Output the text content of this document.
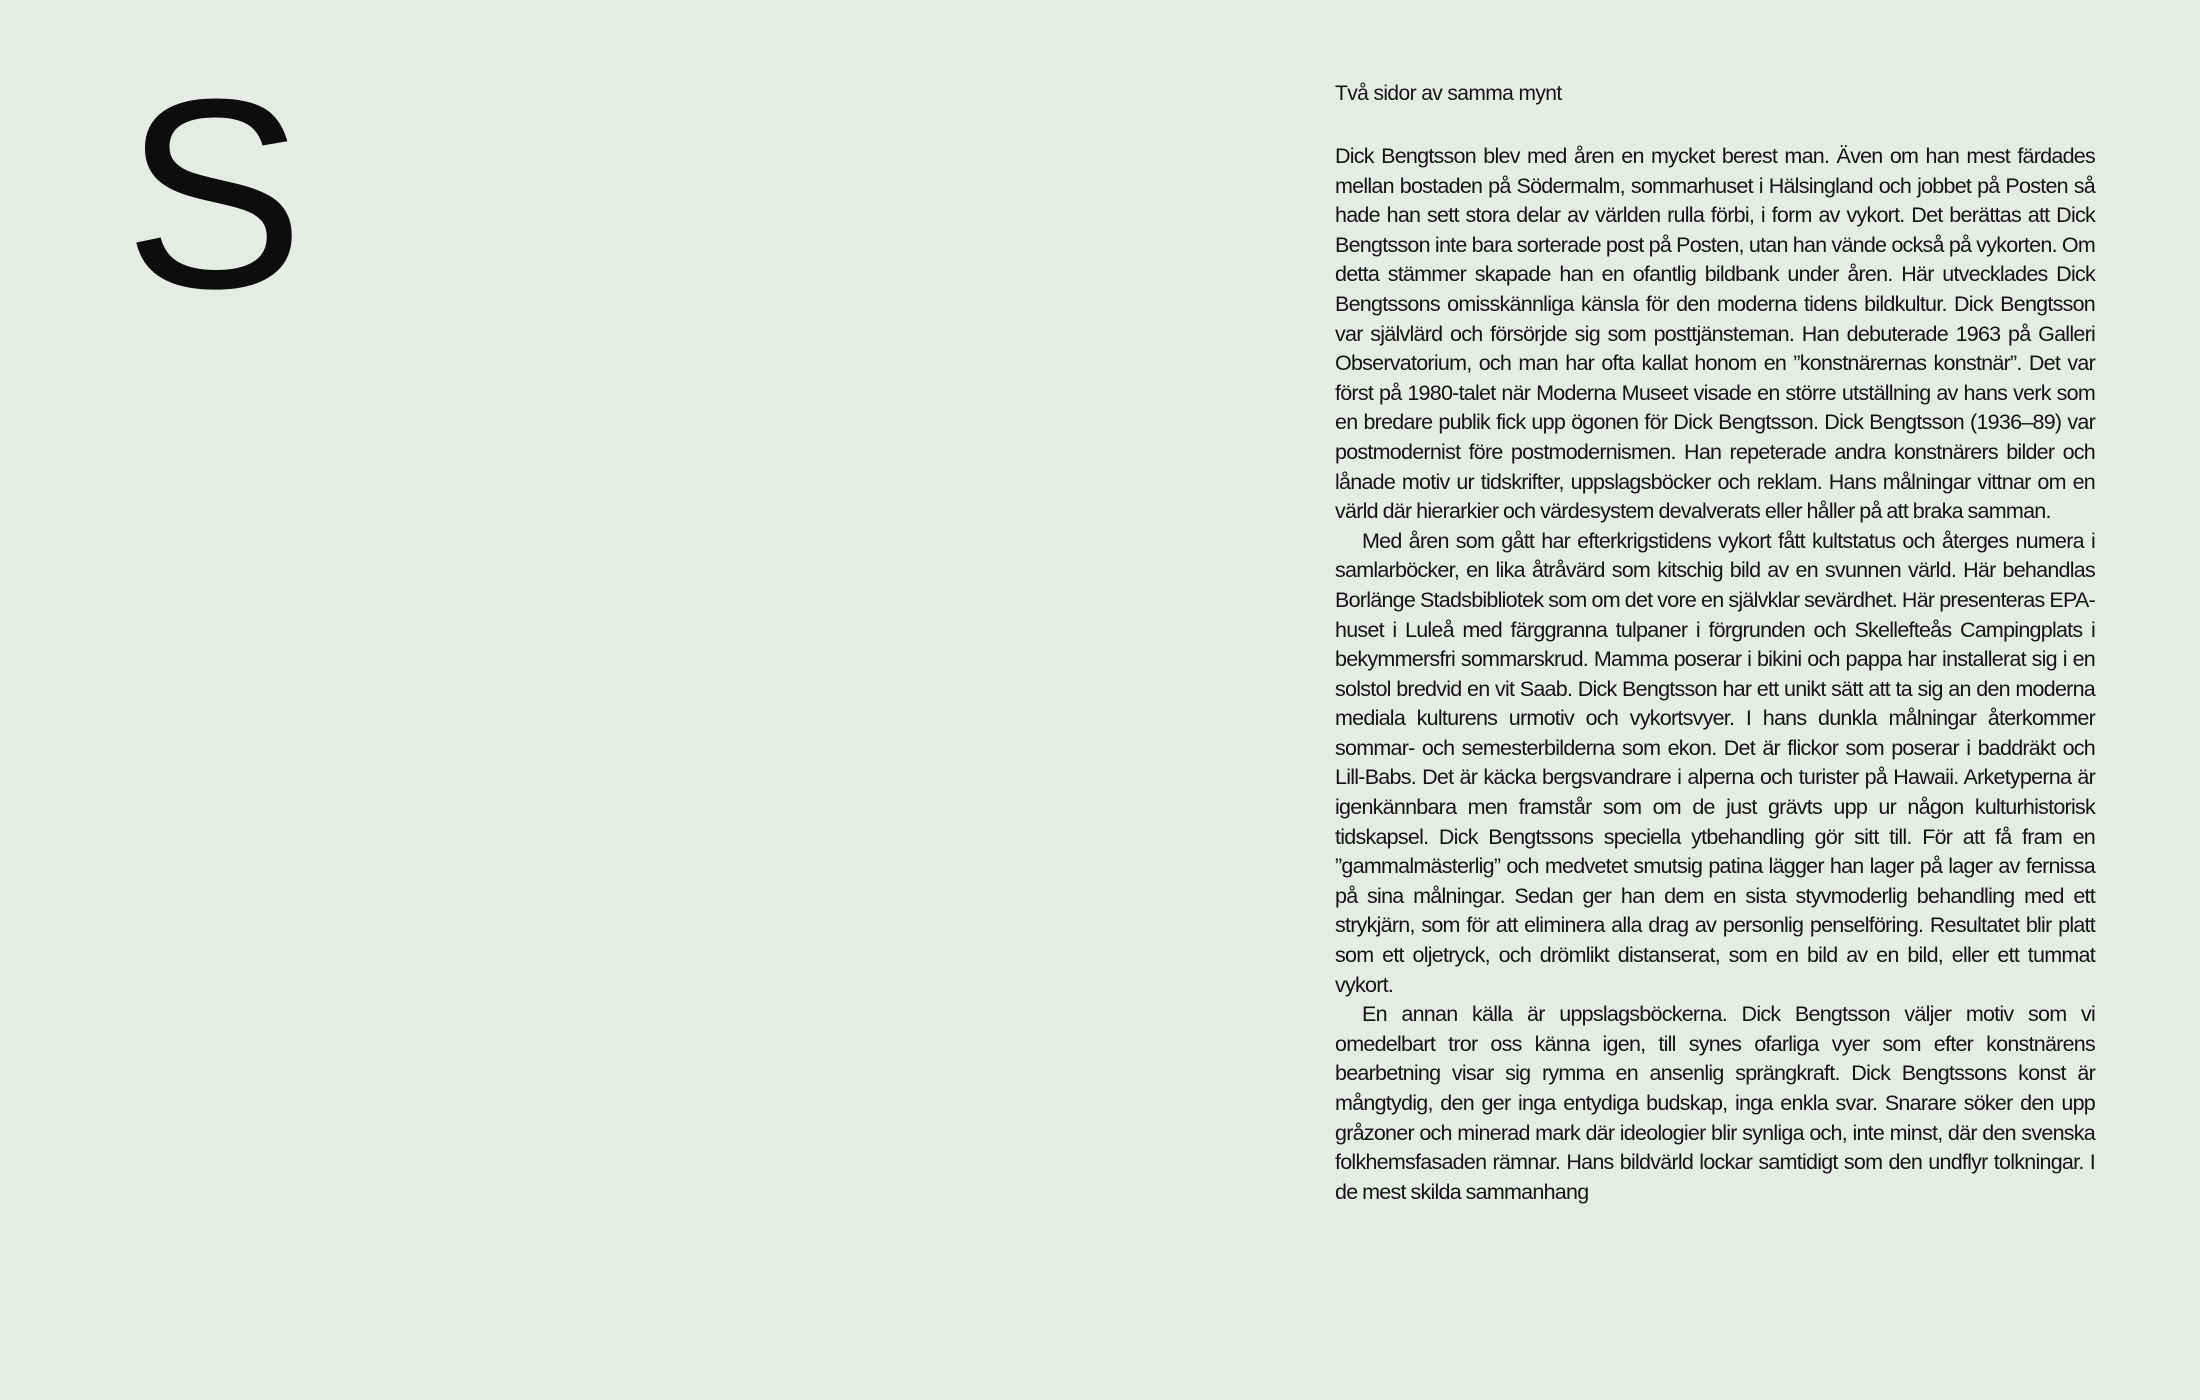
S	Två sidor av samma mynt

Dick Bengtsson blev med åren en mycket berest man. Även om han mest färdades mellan bostaden på Södermalm, sommarhuset i Hälsingland och jobbet på Posten så hade han sett stora delar av världen rulla förbi, i form av vykort. Det berättas att Dick Bengtsson inte bara sorterade post på Posten, utan han vände också på vykorten. Om detta stämmer skapade han en ofantlig bildbank under åren. Här utvecklades Dick Bengtssons omisskännliga känsla för den moderna tidens bildkultur. Dick Bengtsson var självlärd och försörjde sig som posttjänsteman. Han debuterade 1963 på Galleri Observatorium, och man har ofta kallat honom en ”konstnärernas konstnär”. Det var först på 1980-talet när Moderna Museet visade en större utställning av hans verk som en bredare publik fick upp ögonen för Dick Bengtsson. Dick Bengtsson (1936–89) var postmodernist före postmodernismen. Han repeterade andra konstnärers bilder och lånade motiv ur tidskrifter, uppslagsböcker och reklam. Hans målningar vittnar om en värld där hierarkier och värdesystem devalverats eller håller på att braka samman.

Med åren som gått har efterkrigstidens vykort fått kultstatus och återges numera i samlarböcker, en lika åtråvärd som kitschig bild av en svunnen värld. Här behandlas Borlänge Stadsbibliotek som om det vore en självklar sevärdhet. Här presenteras EPA-huset i Luleå med färggranna tulpaner i förgrunden och Skellefteås Campingplats i bekymmersfri sommarskrud. Mamma poserar i bikini och pappa har installerat sig i en solstol bredvid en vit Saab. Dick Bengtsson har ett unikt sätt att ta sig an den moderna mediala kulturens urmotiv och vykortsvyer. I hans dunkla målningar återkommer sommar- och semesterbilderna som ekon. Det är flickor som poserar i baddräkt och Lill-Babs. Det är käcka bergsvandrare i alperna och turister på Hawaii. Arketyperna är igenkännbara men framstår som om de just grävts upp ur någon kulturhistorisk tidskapsel. Dick Bengtssons speciella ytbehandling gör sitt till. För att få fram en ”gammalmästerlig” och medvetet smutsig patina lägger han lager på lager av fernissa på sina målningar. Sedan ger han dem en sista styvmoderlig behandling med ett strykjärn, som för att eliminera alla drag av personlig penselföring. Resultatet blir platt som ett oljetryck, och drömlikt distanserat, som en bild av en bild, eller ett tummat vykort.

En annan källa är uppslagsböckerna. Dick Bengtsson väljer motiv som vi omedelbart tror oss känna igen, till synes ofarliga vyer som efter konstnärens bearbetning visar sig rymma en ansenlig sprängkraft. Dick Bengtssons konst är mångtydig, den ger inga entydiga budskap, inga enkla svar. Snarare söker den upp gråzoner och minerad mark där ideologier blir synliga och, inte minst, där den svenska folkhemsfasaden rämnar. Hans bildvärld lockar samtidigt som den undflyr tolkningar. I de mest skilda sammanhang
